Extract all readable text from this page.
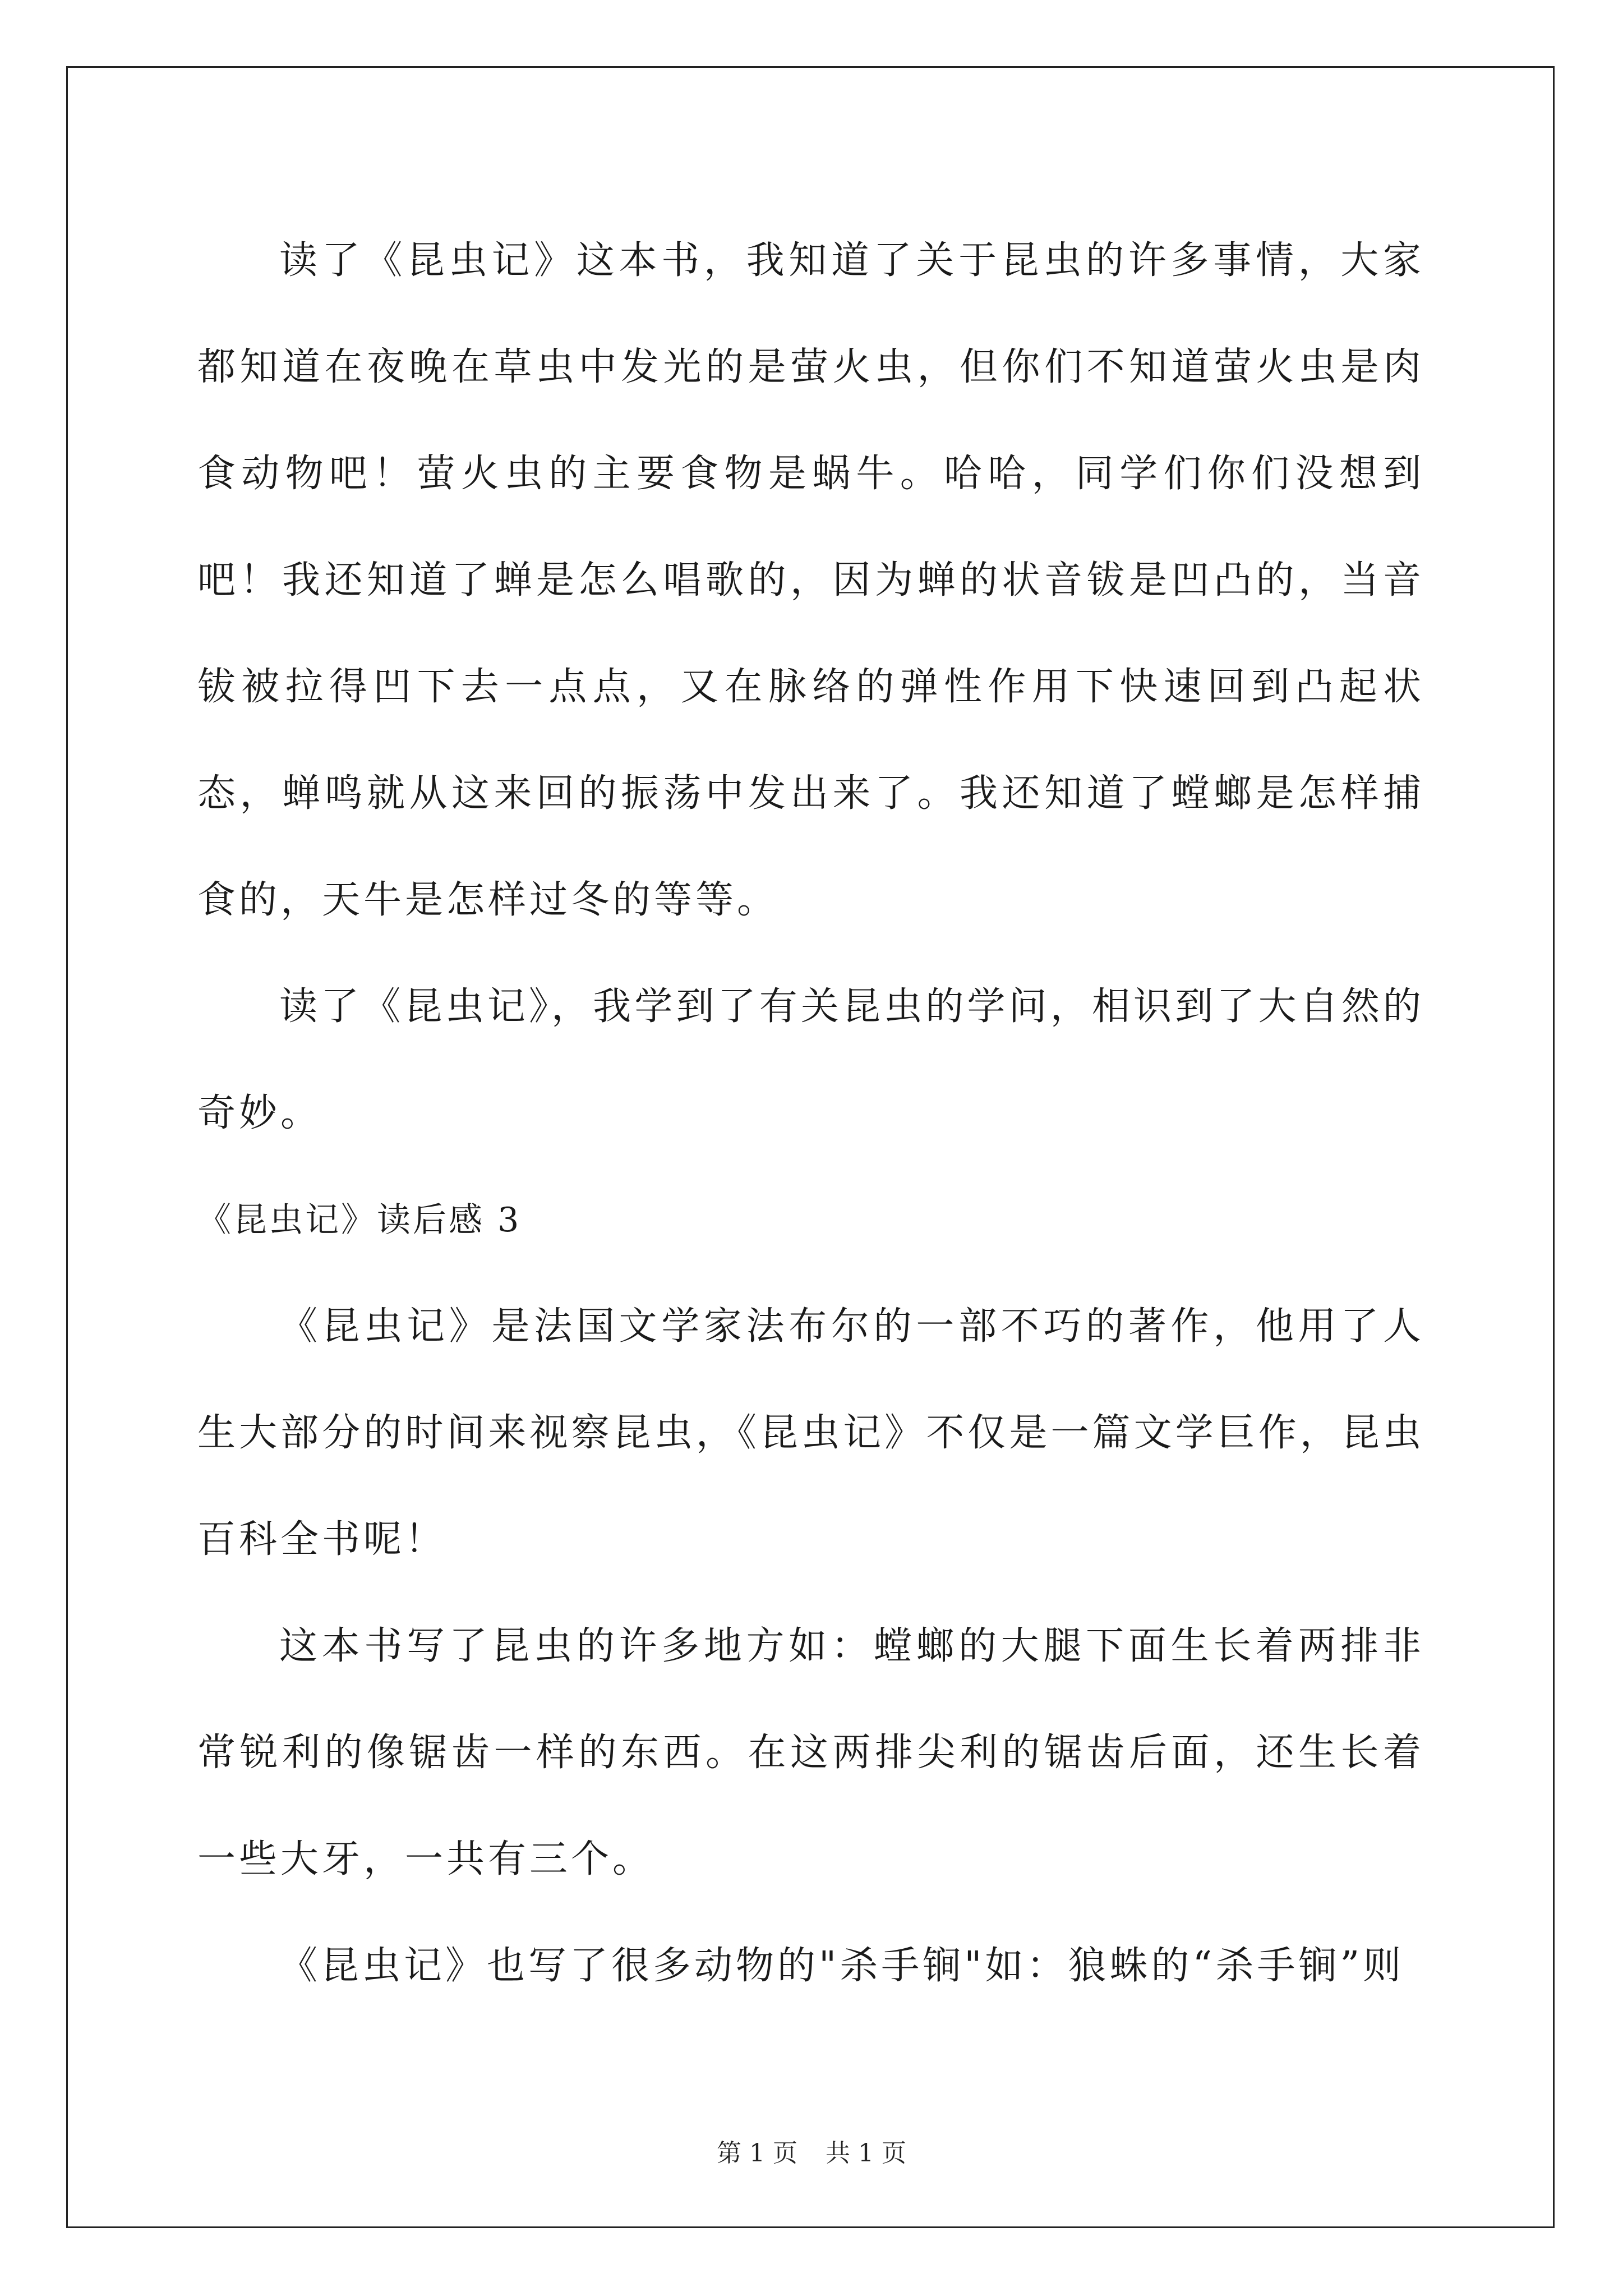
读了《昆虫记》这本书，我知道了关于昆虫的许多事情，大家都知道在夜晚在草虫中发光的是萤火虫，但你们不知道萤火虫是肉食动物吧！萤火虫的主要食物是蜗牛。哈哈，同学们你们没想到吧！我还知道了蝉是怎么唱歌的，因为蝉的状音钹是凹凸的，当音钹被拉得凹下去一点点，又在脉络的弹性作用下快速回到凸起状态，蝉鸣就从这来回的振荡中发出来了。我还知道了螳螂是怎样捕食的，天牛是怎样过冬的等等。

读了《昆虫记》，我学到了有关昆虫的学问，相识到了大自然的奇妙。

《昆虫记》读后感 3

《昆虫记》是法国文学家法布尔的一部不巧的著作，他用了人生大部分的时间来视察昆虫，《昆虫记》不仅是一篇文学巨作，昆虫百科全书呢！

这本书写了昆虫的许多地方如：螳螂的大腿下面生长着两排非常锐利的像锯齿一样的东西。在这两排尖利的锯齿后面，还生长着一些大牙，一共有三个。

《昆虫记》也写了很多动物的"杀手锏"如：狼蛛的“杀手锏”则

第 1 页 共 1 页
